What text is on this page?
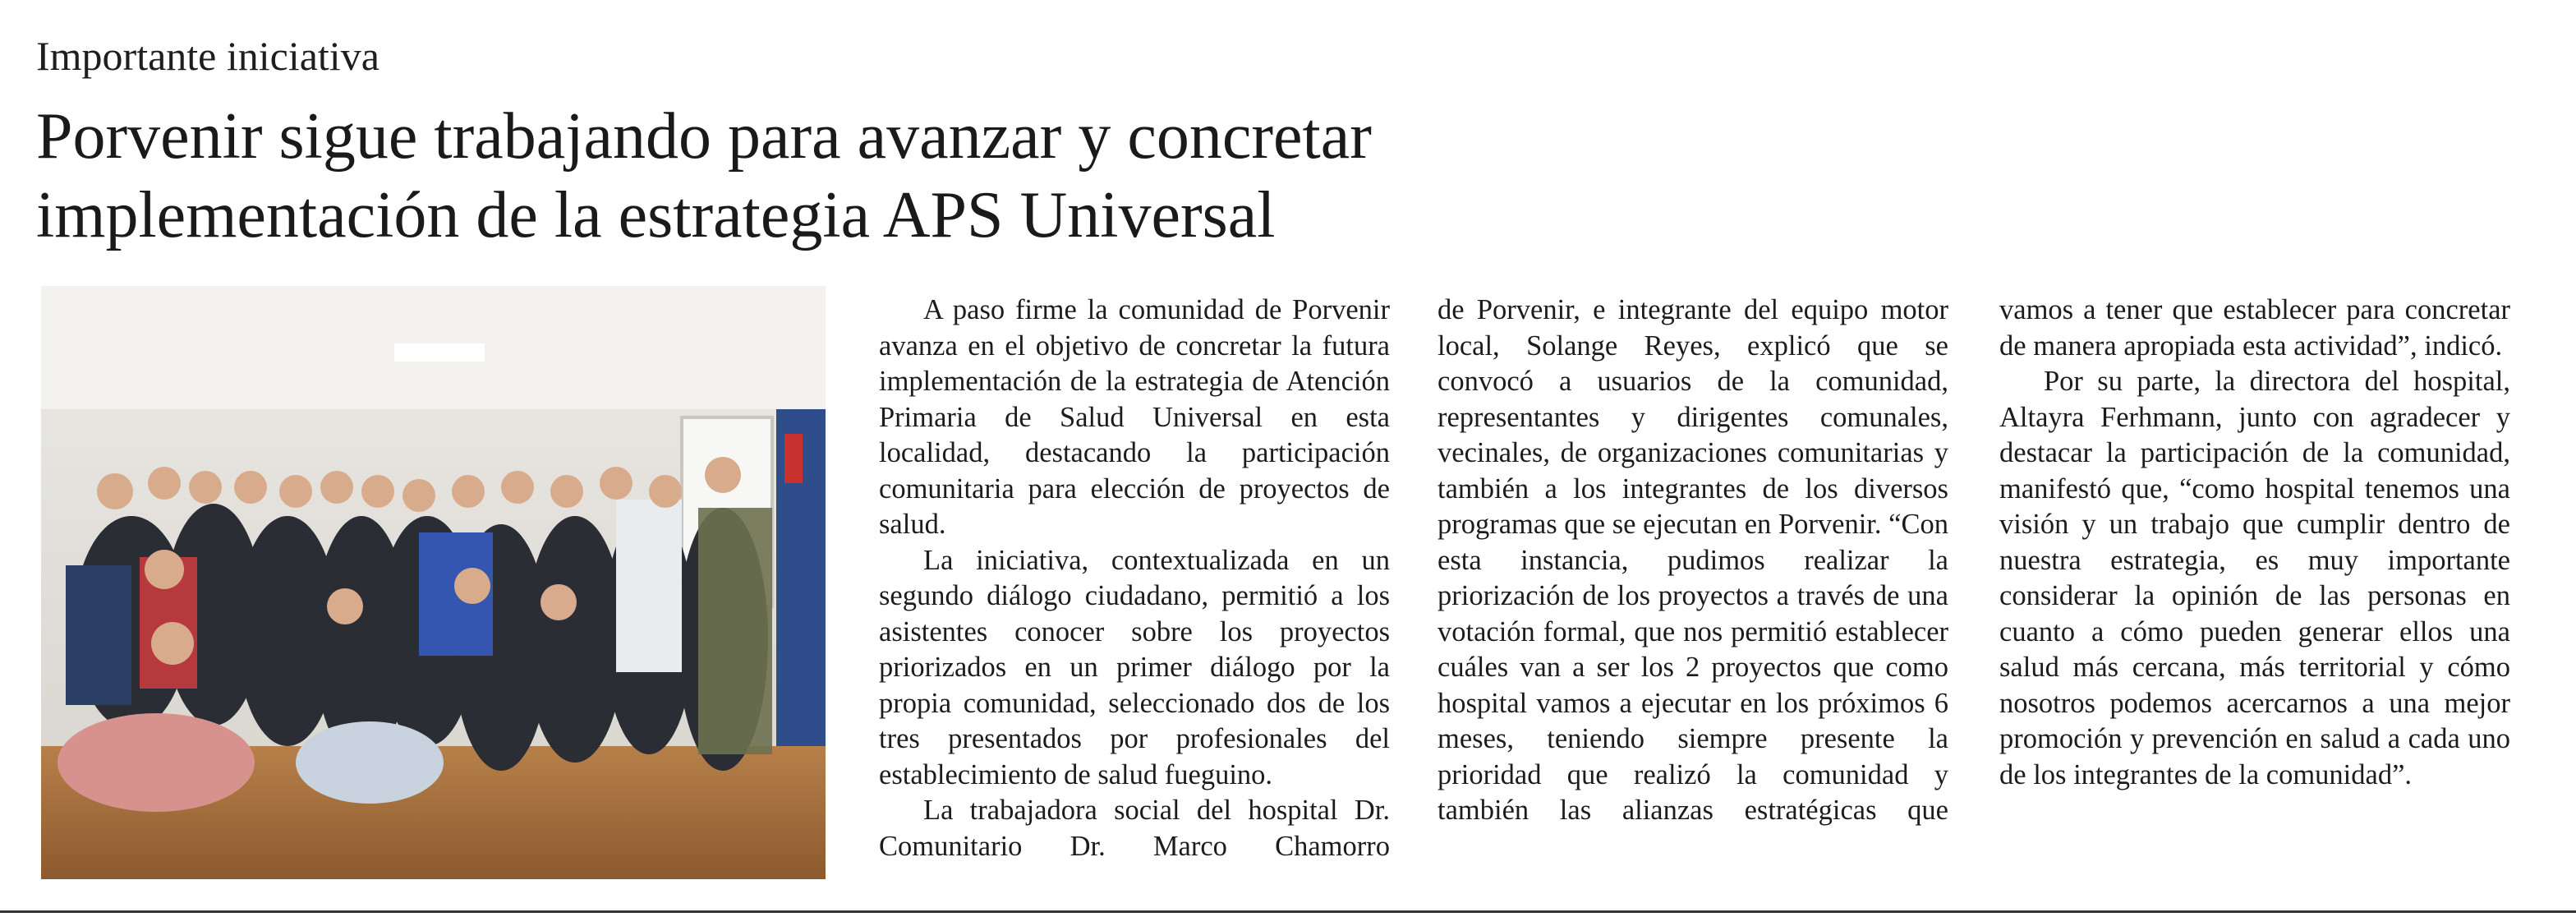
Importante iniciativa
Porvenir sigue trabajando para avanzar y concretar
implementación de la estrategia APS Universal

A paso firme la comunidad de Porvenir avanza en el objetivo de concretar la futura implementación de la estrategia de Atención Primaria de Salud Universal en esta localidad, destacando la participación comunitaria para elección de proyectos de salud.

La iniciativa, contextualizada en un segundo diálogo ciudadano, permitió a los asistentes conocer sobre los proyectos priorizados en un primer diálogo por la propia comunidad, seleccionado dos de los tres presentados por profesionales del establecimiento de salud fueguino.

La trabajadora social del hospital Dr. Comunitario Dr. Marco Chamorro

de Porvenir, e integrante del equipo motor local, Solange Reyes, explicó que se convocó a usuarios de la comunidad, representantes y dirigentes comunales, vecinales, de organizaciones comunitarias y también a los integrantes de los diversos programas que se ejecutan en Porvenir. “Con esta instancia, pudimos realizar la priorización de los proyectos a través de una votación formal, que nos permitió establecer cuáles van a ser los 2 proyectos que como hospital vamos a ejecutar en los próximos 6 meses, teniendo siempre presente la prioridad que realizó la comunidad y también las alianzas estratégicas que

vamos a tener que establecer para concretar de manera apropiada esta actividad”, indicó.

Por su parte, la directora del hospital, Altayra Ferhmann, junto con agradecer y destacar la participación de la comunidad, manifestó que, “como hospital tenemos una visión y un trabajo que cumplir dentro de nuestra estrategia, es muy importante considerar la opinión de las personas en cuanto a cómo pueden generar ellos una salud más cercana, más territorial y cómo nosotros podemos acercarnos a una mejor promoción y prevención en salud a cada uno de los integrantes de la comunidad”.
